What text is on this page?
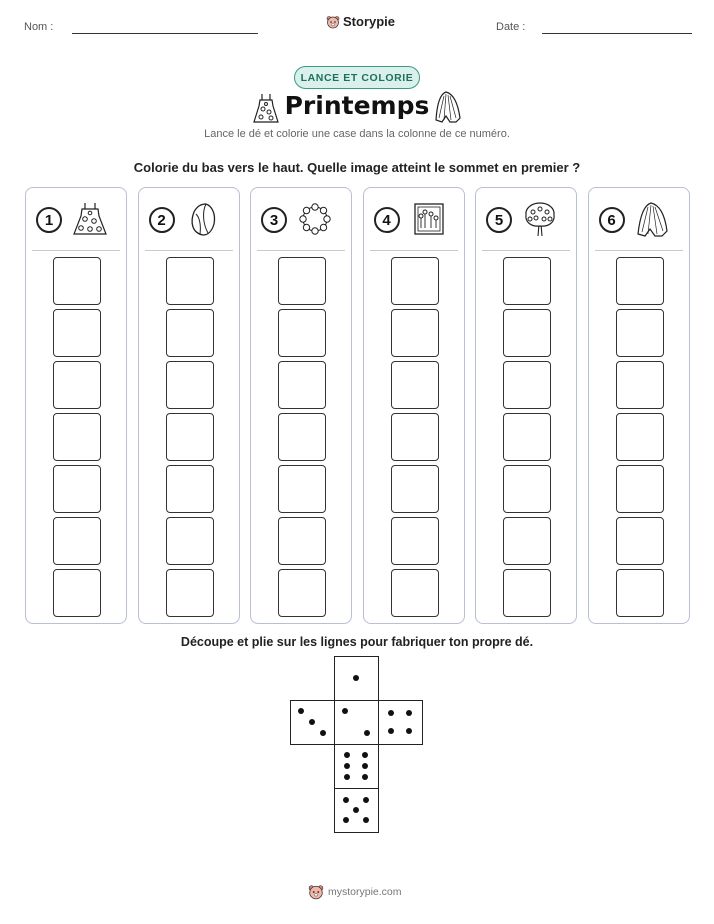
Nom :	Storypie	Date :
LANCE ET COLORIE
Printemps
Lance le dé et colorie une case dans la colonne de ce numéro.
Colorie du bas vers le haut. Quelle image atteint le sommet en premier ?
1	2	3	4	5	6
Découpe et plie sur les lignes pour fabriquer ton propre dé.
mystorypie.com
